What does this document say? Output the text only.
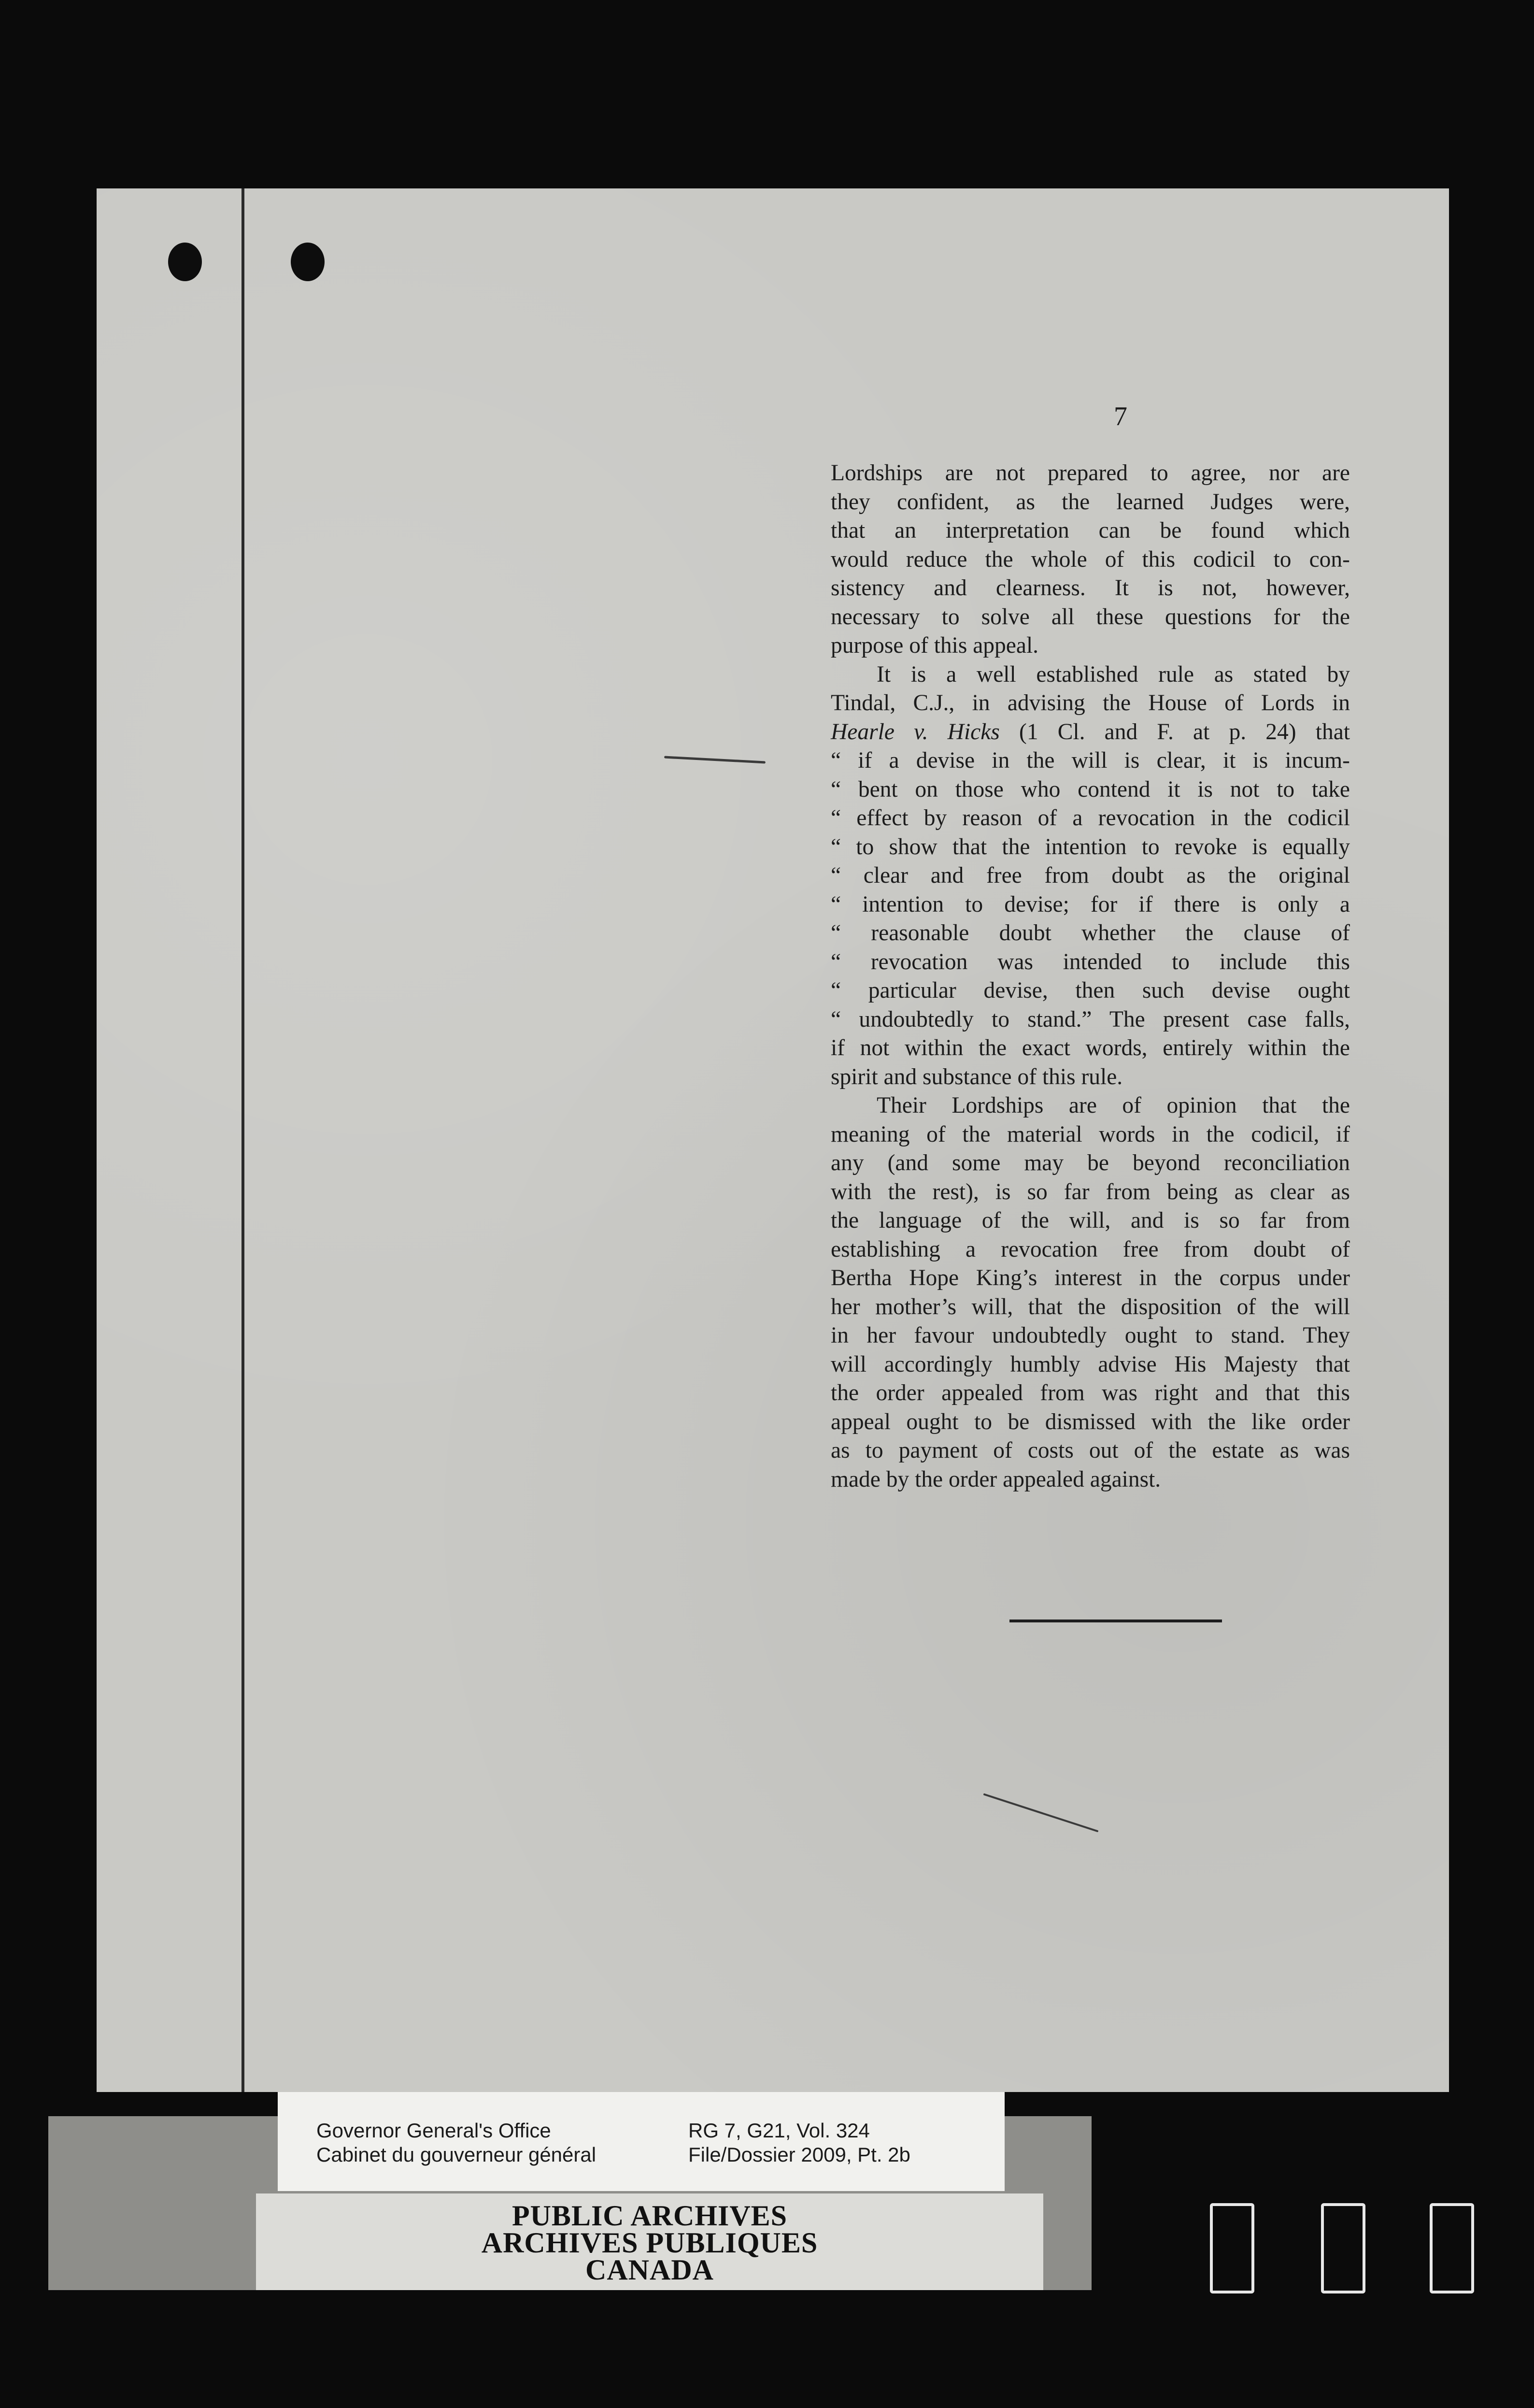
7

Lordships are not prepared to agree, nor are
they confident, as the learned Judges were,
that an interpretation can be found which
would reduce the whole of this codicil to con-
sistency and clearness. It is not, however,
necessary to solve all these questions for the
purpose of this appeal.

It is a well established rule as stated by
Tindal, C.J., in advising the House of Lords in
Hearle v. Hicks (1 Cl. and F. at p. 24) that
“ if a devise in the will is clear, it is incum-
“ bent on those who contend it is not to take
“ effect by reason of a revocation in the codicil
“ to show that the intention to revoke is equally
“ clear and free from doubt as the original
“ intention to devise; for if there is only a
“ reasonable doubt whether the clause of
“ revocation was intended to include this
“ particular devise, then such devise ought
“ undoubtedly to stand.” The present case falls,
if not within the exact words, entirely within the
spirit and substance of this rule.

Their Lordships are of opinion that the
meaning of the material words in the codicil, if
any (and some may be beyond reconciliation
with the rest), is so far from being as clear as
the language of the will, and is so far from
establishing a revocation free from doubt of
Bertha Hope King’s interest in the corpus under
her mother’s will, that the disposition of the will
in her favour undoubtedly ought to stand. They
will accordingly humbly advise His Majesty that
the order appealed from was right and that this
appeal ought to be dismissed with the like order
as to payment of costs out of the estate as was
made by the order appealed against.

Governor General's Office
Cabinet du gouverneur général
RG 7, G21, Vol. 324
File/Dossier 2009, Pt. 2b
PUBLIC ARCHIVES
ARCHIVES PUBLIQUES
CANADA
